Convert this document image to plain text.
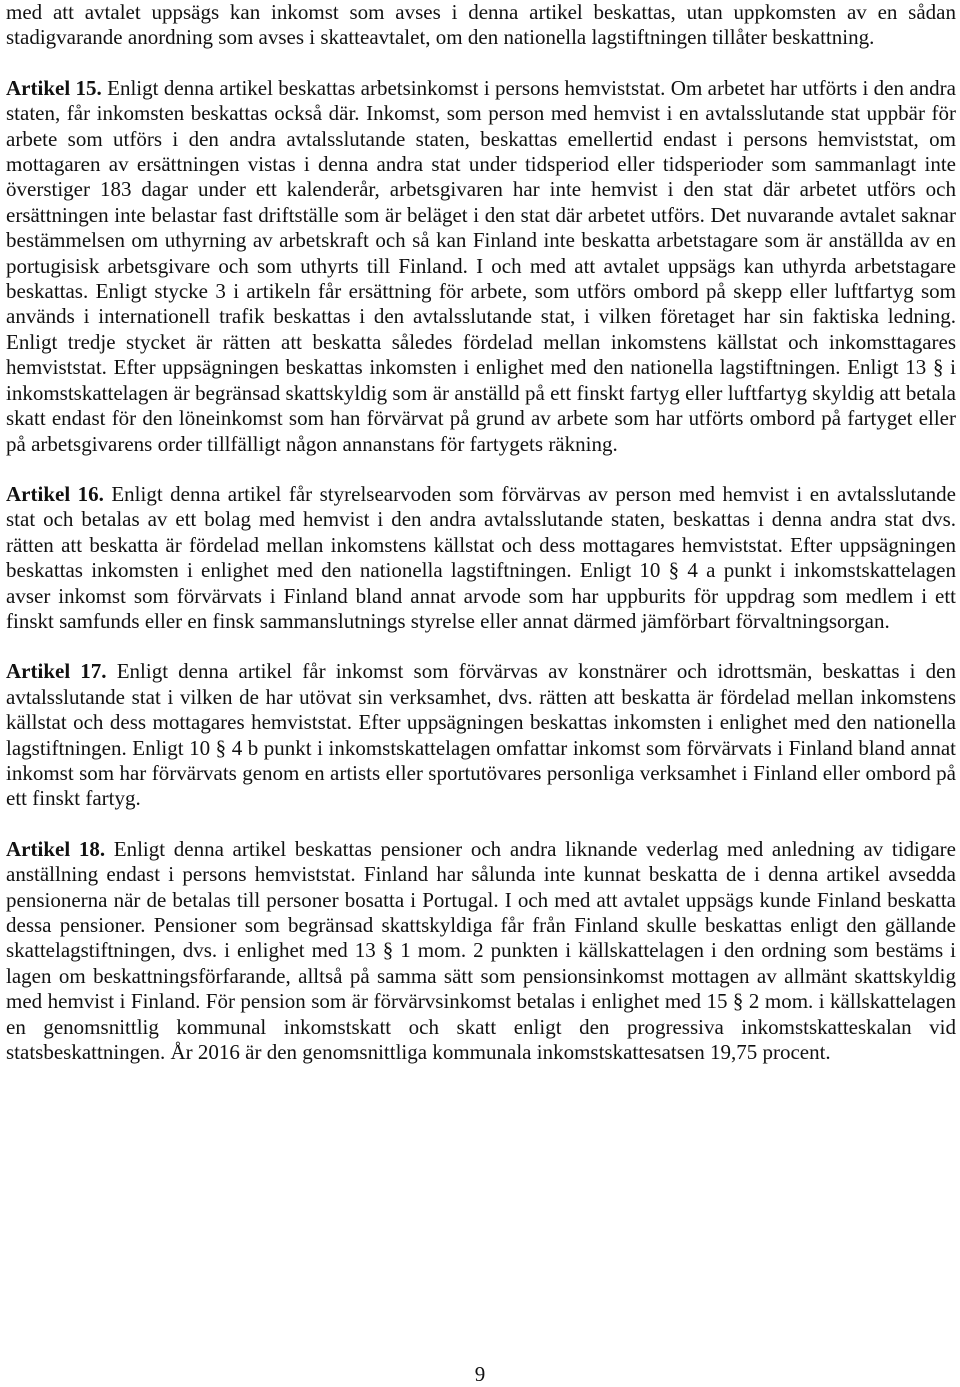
med att avtalet uppsägs kan inkomst som avses i denna artikel beskattas, utan uppkomsten av en sådan stadigvarande anordning som avses i skatteavtalet, om den nationella lagstiftningen tillåter beskattning.

Artikel 15. Enligt denna artikel beskattas arbetsinkomst i persons hemviststat. Om arbetet har utförts i den andra staten, får inkomsten beskattas också där. Inkomst, som person med hemvist i en avtalsslutande stat uppbär för arbete som utförs i den andra avtalsslutande staten, beskattas emellertid endast i persons hemviststat, om mottagaren av ersättningen vistas i denna andra stat under tidsperiod eller tidsperioder som sammanlagt inte överstiger 183 dagar under ett kalenderår, arbetsgivaren har inte hemvist i den stat där arbetet utförs och ersättningen inte belastar fast driftställe som är beläget i den stat där arbetet utförs. Det nuvarande avtalet saknar bestämmelsen om uthyrning av arbetskraft och så kan Finland inte beskatta arbetstagare som är anställda av en portugisisk arbetsgivare och som uthyrts till Finland. I och med att avtalet uppsägs kan uthyrda arbetstagare beskattas. Enligt stycke 3 i artikeln får ersättning för arbete, som utförs ombord på skepp eller luftfartyg som används i internationell trafik beskattas i den avtalsslutande stat, i vilken företaget har sin faktiska ledning. Enligt tredje stycket är rätten att beskatta således fördelad mellan inkomstens källstat och inkomsttagares hemviststat. Efter uppsägningen beskattas inkomsten i enlighet med den nationella lagstiftningen. Enligt 13 § i inkomstskattelagen är begränsad skattskyldig som är anställd på ett finskt fartyg eller luftfartyg skyldig att betala skatt endast för den löneinkomst som han förvärvat på grund av arbete som har utförts ombord på fartyget eller på arbetsgivarens order tillfälligt någon annanstans för fartygets räkning.

Artikel 16. Enligt denna artikel får styrelsearvoden som förvärvas av person med hemvist i en avtalsslutande stat och betalas av ett bolag med hemvist i den andra avtalsslutande staten, beskattas i denna andra stat dvs. rätten att beskatta är fördelad mellan inkomstens källstat och dess mottagares hemviststat. Efter uppsägningen beskattas inkomsten i enlighet med den nationella lagstiftningen. Enligt 10 § 4 a punkt i inkomstskattelagen avser inkomst som förvärvats i Finland bland annat arvode som har uppburits för uppdrag som medlem i ett finskt samfunds eller en finsk sammanslutnings styrelse eller annat därmed jämförbart förvaltningsorgan.

Artikel 17. Enligt denna artikel får inkomst som förvärvas av konstnärer och idrottsmän, beskattas i den avtalsslutande stat i vilken de har utövat sin verksamhet, dvs. rätten att beskatta är fördelad mellan inkomstens källstat och dess mottagares hemviststat. Efter uppsägningen beskattas inkomsten i enlighet med den nationella lagstiftningen. Enligt 10 § 4 b punkt i inkomstskattelagen omfattar inkomst som förvärvats i Finland bland annat inkomst som har förvärvats genom en artists eller sportutövares personliga verksamhet i Finland eller ombord på ett finskt fartyg.

Artikel 18. Enligt denna artikel beskattas pensioner och andra liknande vederlag med anledning av tidigare anställning endast i persons hemviststat. Finland har sålunda inte kunnat beskatta de i denna artikel avsedda pensionerna när de betalas till personer bosatta i Portugal. I och med att avtalet uppsägs kunde Finland beskatta dessa pensioner. Pensioner som begränsad skattskyldiga får från Finland skulle beskattas enligt den gällande skattelagstiftningen, dvs. i enlighet med 13 § 1 mom. 2 punkten i källskattelagen i den ordning som bestäms i lagen om beskattningsförfarande, alltså på samma sätt som pensionsinkomst mottagen av allmänt skattskyldig med hemvist i Finland. För pension som är förvärvsinkomst betalas i enlighet med 15 § 2 mom. i källskattelagen en genomsnittlig kommunal inkomstskatt och skatt enligt den progressiva inkomstskatteskalan vid statsbeskattningen. År 2016 är den genomsnittliga kommunala inkomstskattesatsen 19,75 procent.

9
